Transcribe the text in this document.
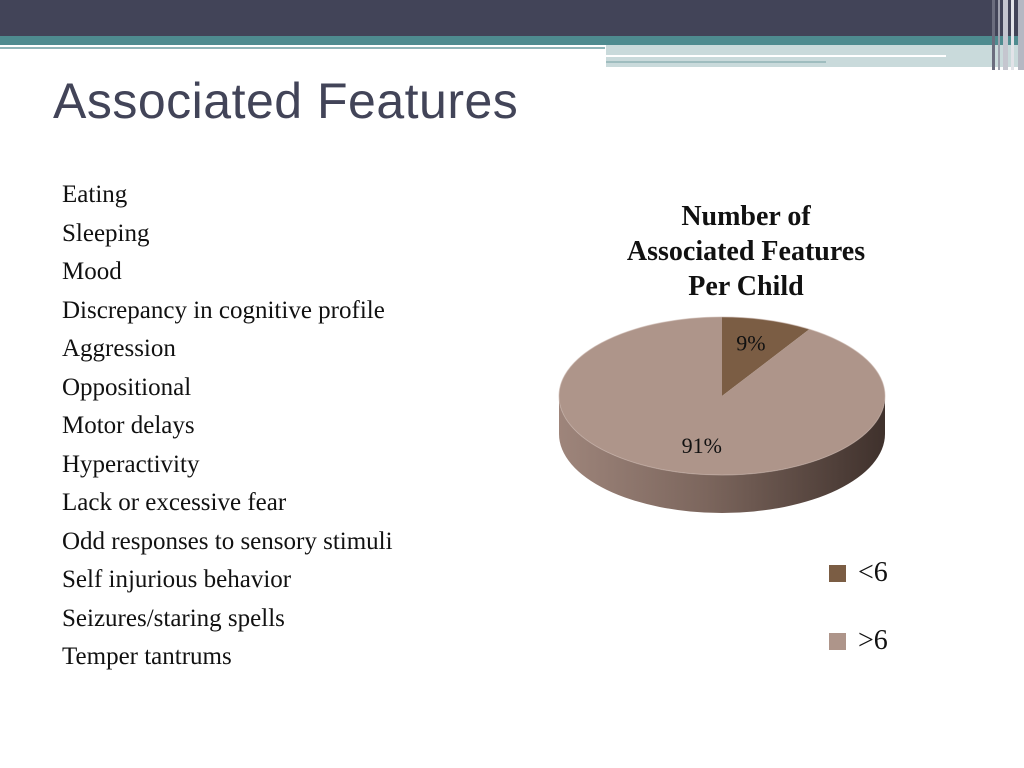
Associated Features
Eating
Sleeping
Mood
Discrepancy in cognitive profile
Aggression
Oppositional
Motor delays
Hyperactivity
Lack or excessive fear
Odd responses to sensory stimuli
Self injurious behavior
Seizures/staring spells
Temper tantrums
Number of
Associated Features
Per Child
9%
91%
<6
>6
